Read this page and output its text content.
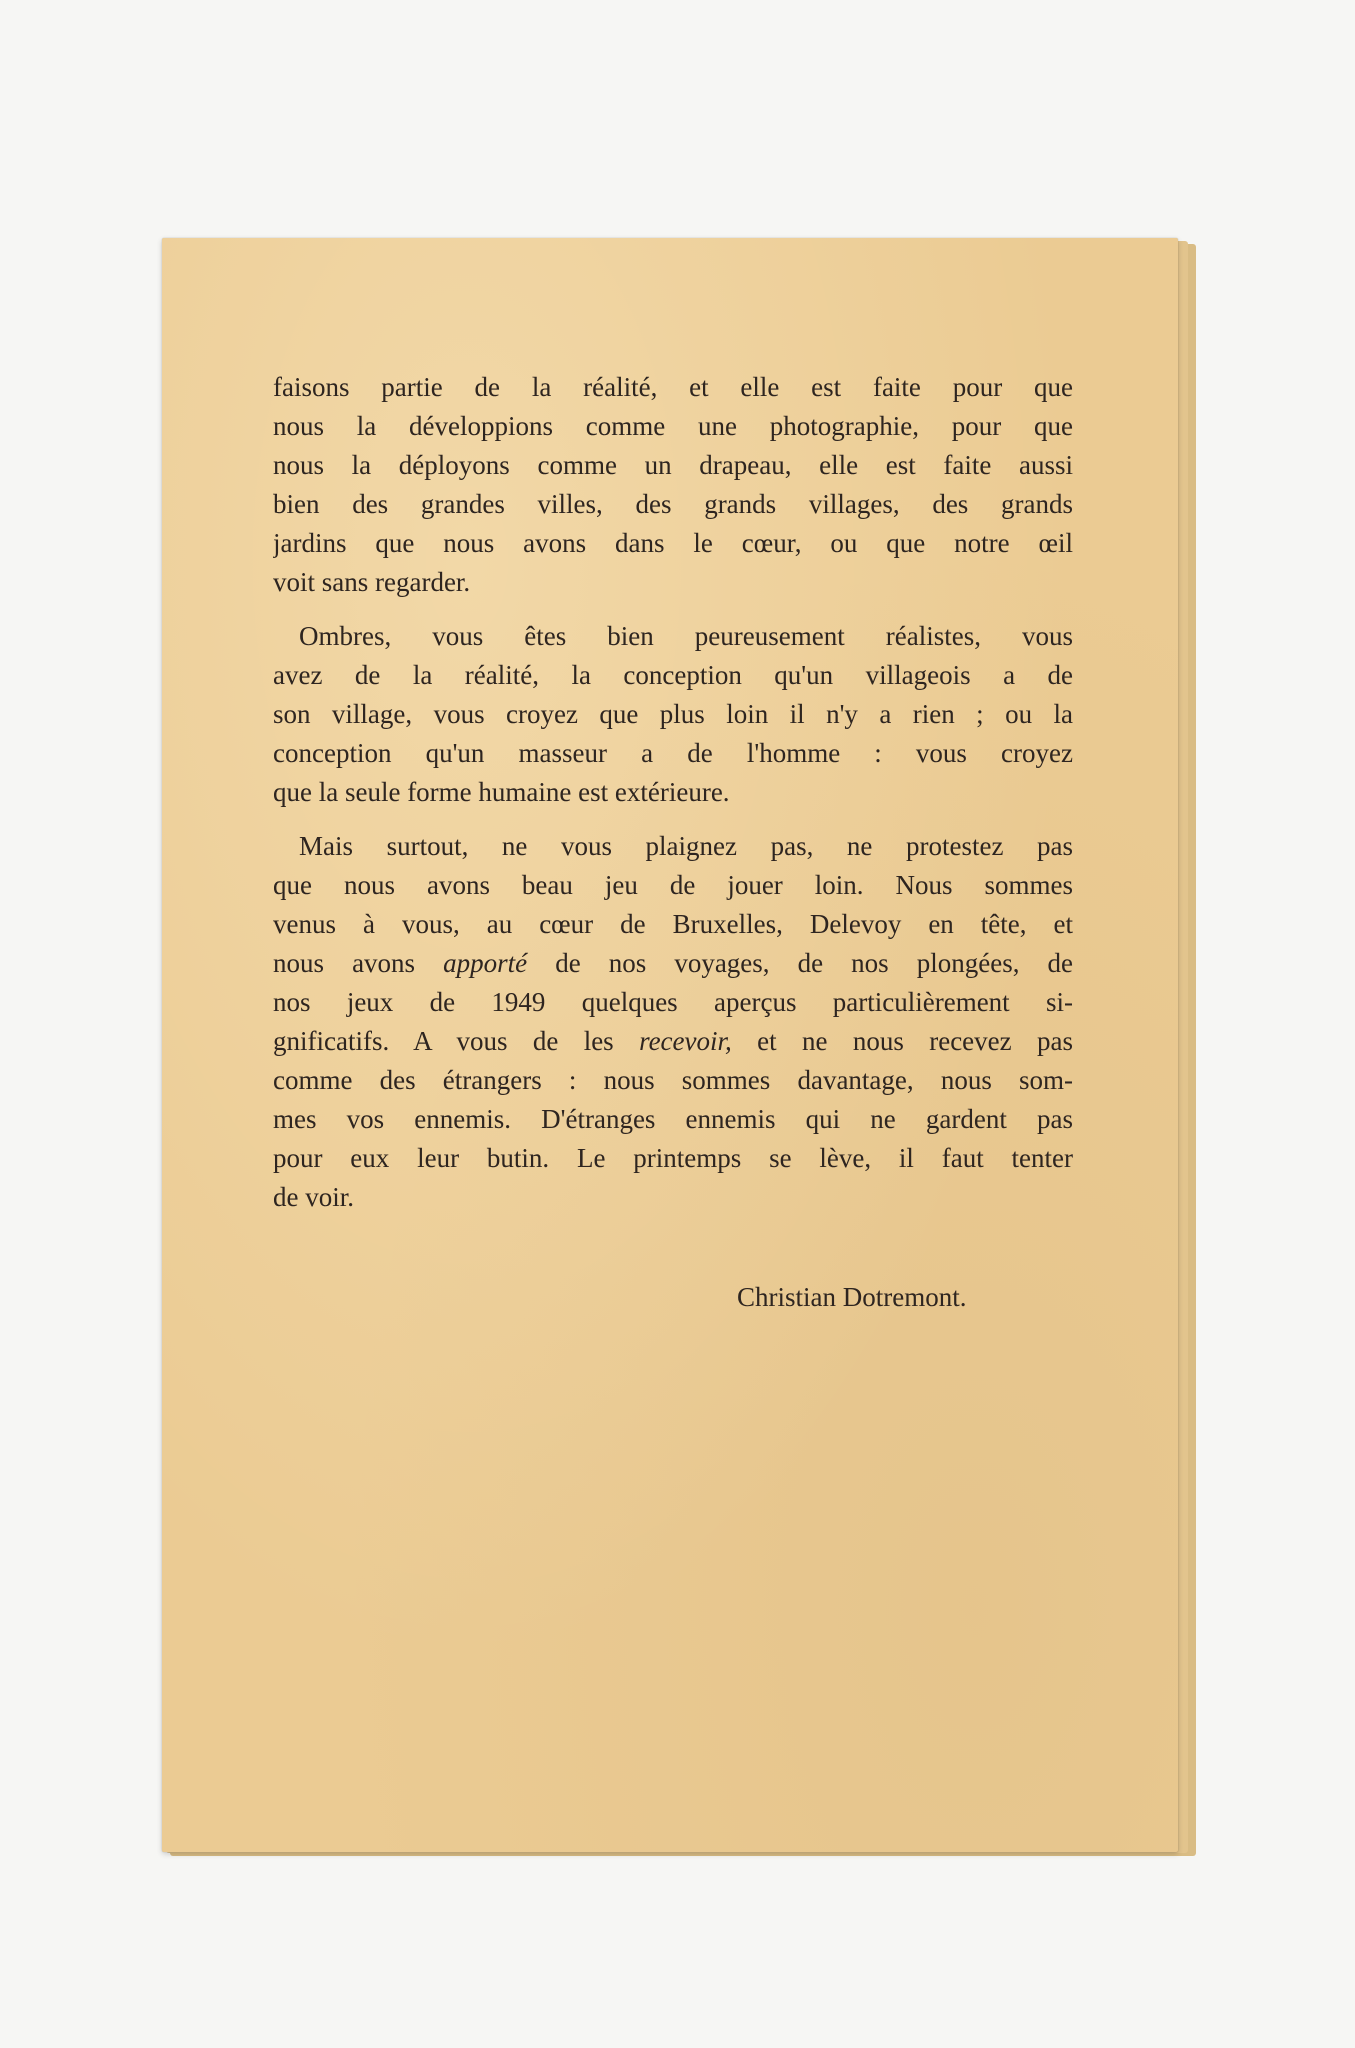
faisons partie de la réalité, et elle est faite pour que
nous la développions comme une photographie, pour que
nous la déployons comme un drapeau, elle est faite aussi
bien des grandes villes, des grands villages, des grands
jardins que nous avons dans le cœur, ou que notre œil
voit sans regarder.
Ombres, vous êtes bien peureusement réalistes, vous
avez de la réalité, la conception qu'un villageois a de
son village, vous croyez que plus loin il n'y a rien ; ou la
conception qu'un masseur a de l'homme : vous croyez
que la seule forme humaine est extérieure.
Mais surtout, ne vous plaignez pas, ne protestez pas
que nous avons beau jeu de jouer loin. Nous sommes
venus à vous, au cœur de Bruxelles, Delevoy en tête, et
nous avons apporté de nos voyages, de nos plongées, de
nos jeux de 1949 quelques aperçus particulièrement si-
gnificatifs. A vous de les recevoir, et ne nous recevez pas
comme des étrangers : nous sommes davantage, nous som-
mes vos ennemis. D'étranges ennemis qui ne gardent pas
pour eux leur butin. Le printemps se lève, il faut tenter
de voir.
Christian Dotremont.
